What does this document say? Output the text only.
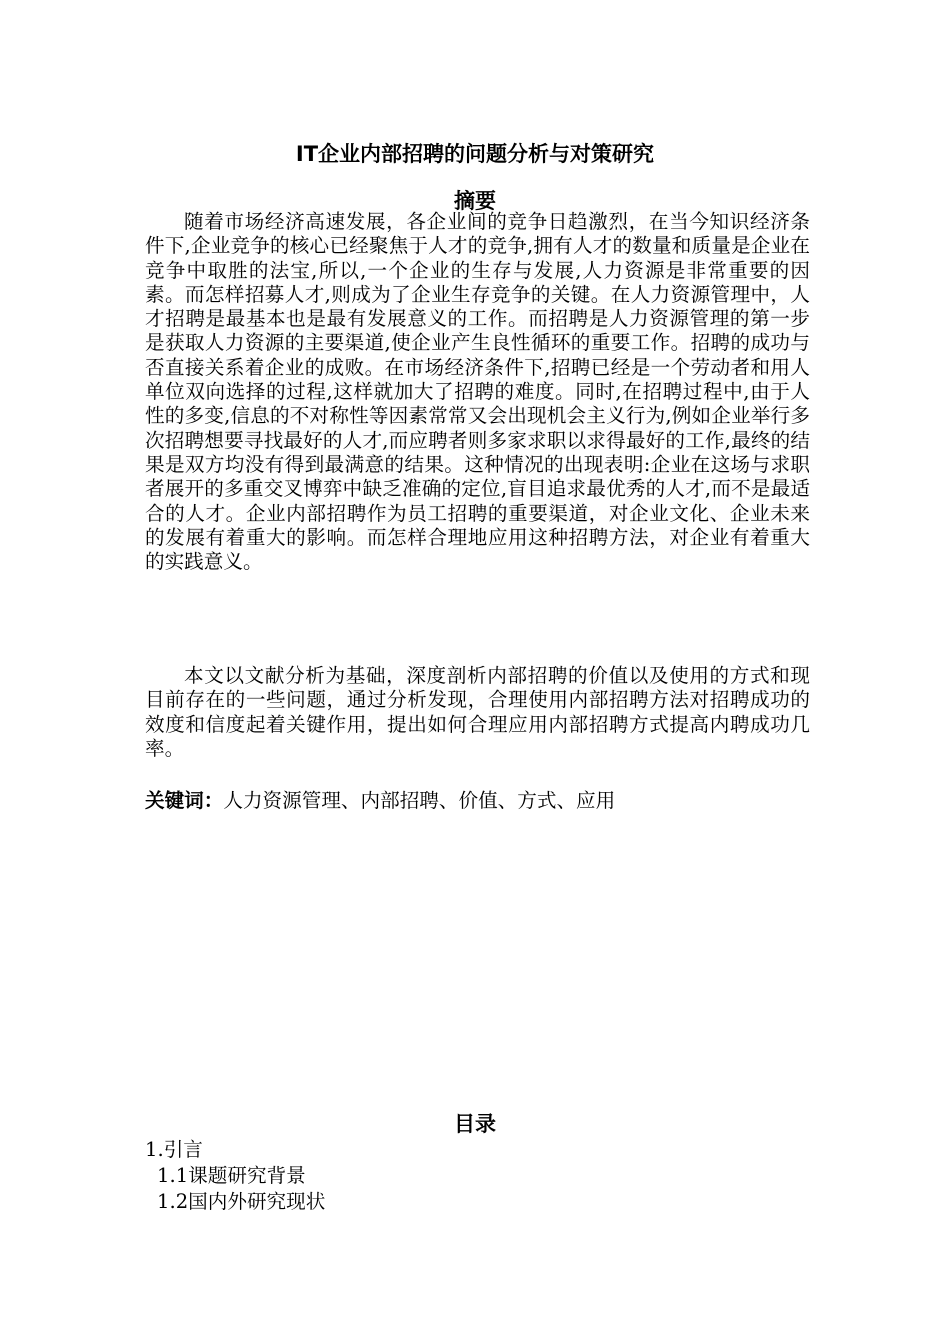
IT企业内部招聘的问题分析与对策研究
摘要

随着市场经济高速发展，各企业间的竞争日趋激烈，在当今知识经济条件下,企业竞争的核心已经聚焦于人才的竞争,拥有人才的数量和质量是企业在竞争中取胜的法宝,所以,一个企业的生存与发展,人力资源是非常重要的因素。而怎样招募人才,则成为了企业生存竞争的关键。在人力资源管理中，人才招聘是最基本也是最有发展意义的工作。而招聘是人力资源管理的第一步是获取人力资源的主要渠道,使企业产生良性循环的重要工作。招聘的成功与否直接关系着企业的成败。在市场经济条件下,招聘已经是一个劳动者和用人单位双向选择的过程,这样就加大了招聘的难度。同时,在招聘过程中,由于人性的多变,信息的不对称性等因素常常又会出现机会主义行为,例如企业举行多次招聘想要寻找最好的人才,而应聘者则多家求职以求得最好的工作,最终的结果是双方均没有得到最满意的结果。这种情况的出现表明:企业在这场与求职者展开的多重交叉博弈中缺乏准确的定位,盲目追求最优秀的人才,而不是最适合的人才。企业内部招聘作为员工招聘的重要渠道，对企业文化、企业未来的发展有着重大的影响。而怎样合理地应用这种招聘方法，对企业有着重大的实践意义。

本文以文献分析为基础，深度剖析内部招聘的价值以及使用的方式和现目前存在的一些问题，通过分析发现，合理使用内部招聘方法对招聘成功的效度和信度起着关键作用，提出如何合理应用内部招聘方式提高内聘成功几率。

关键词：人力资源管理、内部招聘、价值、方式、应用
目录
1.引言
1.1课题研究背景
1.2国内外研究现状
